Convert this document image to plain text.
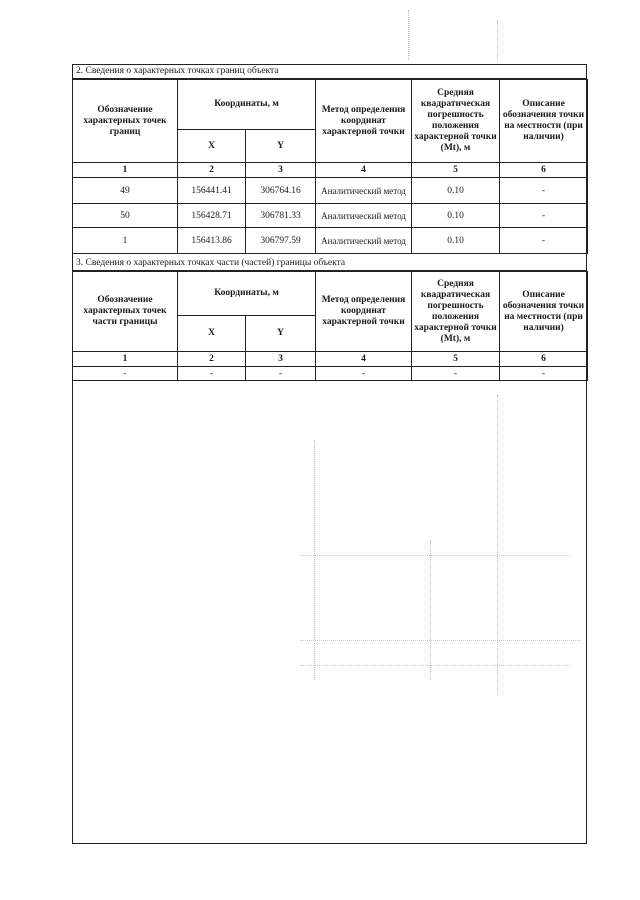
2. Сведения о характерных точках границ объекта
Обозначение характерных точек границ	Координаты, м		Метод определения координат характерной точки	Средняя квадратическая погрешность положения характерной точки (Mt), м	Описание обозначения точки на местности (при наличии)
	X	Y			
1	2	3	4	5	6
49	156441.41	306764.16	Аналитический метод	0.10	-
50	156428.71	306781.33	Аналитический метод	0.10	-
1	156413.86	306797.59	Аналитический метод	0.10	-
3. Сведения о характерных точках части (частей) границы объекта
Обозначение характерных точек части границы	Координаты, м		Метод определения координат характерной точки	Средняя квадратическая погрешность положения характерной точки (Mt), м	Описание обозначения точки на местности (при наличии)
	X	Y			
1	2	3	4	5	6
-	-	-	-	-	-
